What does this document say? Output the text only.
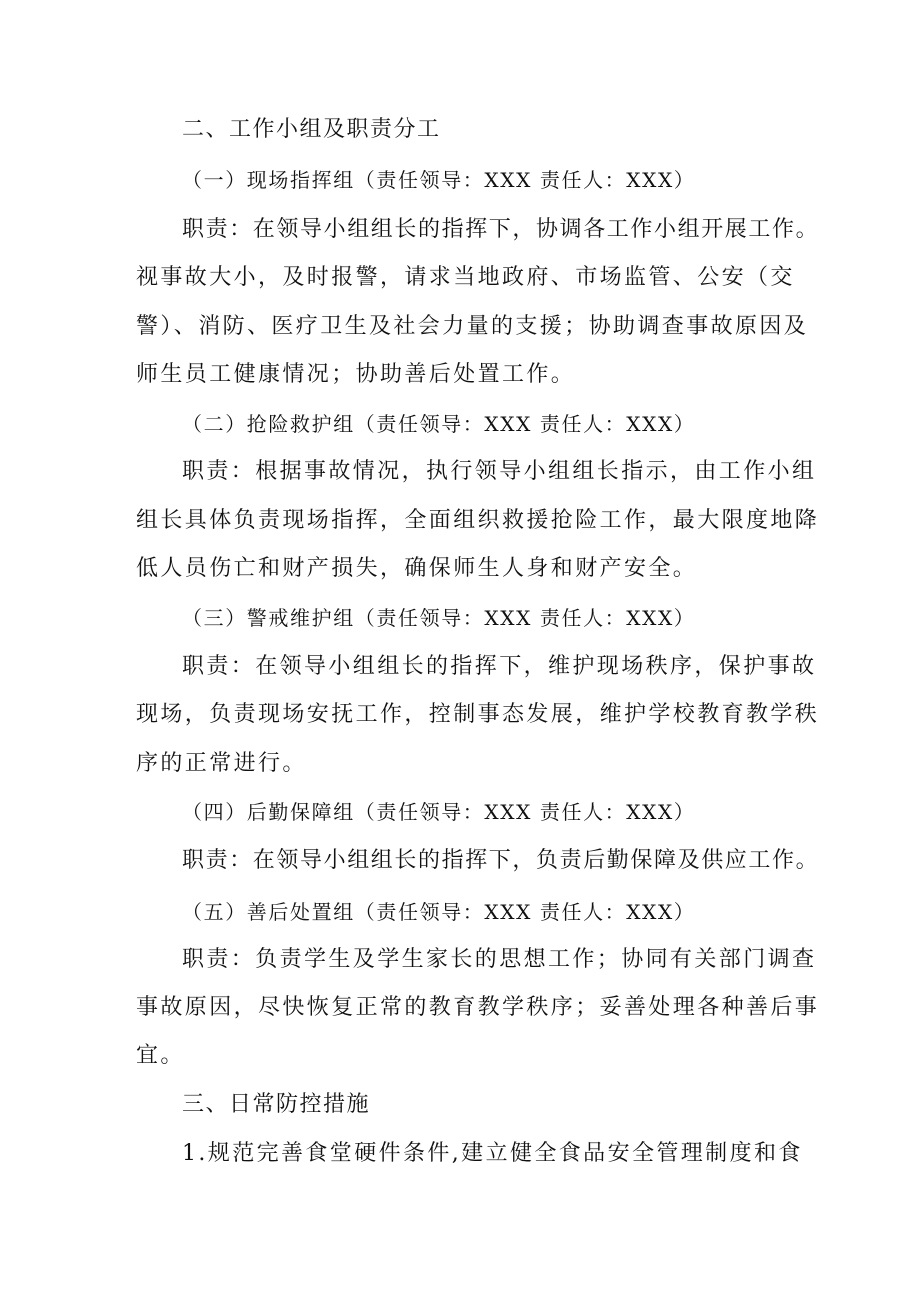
二、工作小组及职责分工
（一）现场指挥组（责任领导：XXX 责任人：XXX）
职责：在领导小组组长的指挥下，协调各工作小组开展工作。
视事故大小，及时报警，请求当地政府、市场监管、公安（交
警）、消防、医疗卫生及社会力量的支援；协助调查事故原因及
师生员工健康情况；协助善后处置工作。
（二）抢险救护组（责任领导：XXX 责任人：XXX）
职责：根据事故情况，执行领导小组组长指示，由工作小组
组长具体负责现场指挥，全面组织救援抢险工作，最大限度地降
低人员伤亡和财产损失，确保师生人身和财产安全。
（三）警戒维护组（责任领导：XXX 责任人：XXX）
职责：在领导小组组长的指挥下，维护现场秩序，保护事故
现场，负责现场安抚工作，控制事态发展，维护学校教育教学秩
序的正常进行。
（四）后勤保障组（责任领导：XXX 责任人：XXX）
职责：在领导小组组长的指挥下，负责后勤保障及供应工作。
（五）善后处置组（责任领导：XXX 责任人：XXX）
职责：负责学生及学生家长的思想工作；协同有关部门调查
事故原因，尽快恢复正常的教育教学秩序；妥善处理各种善后事
宜。
三、日常防控措施
1.规范完善食堂硬件条件,建立健全食品安全管理制度和食
